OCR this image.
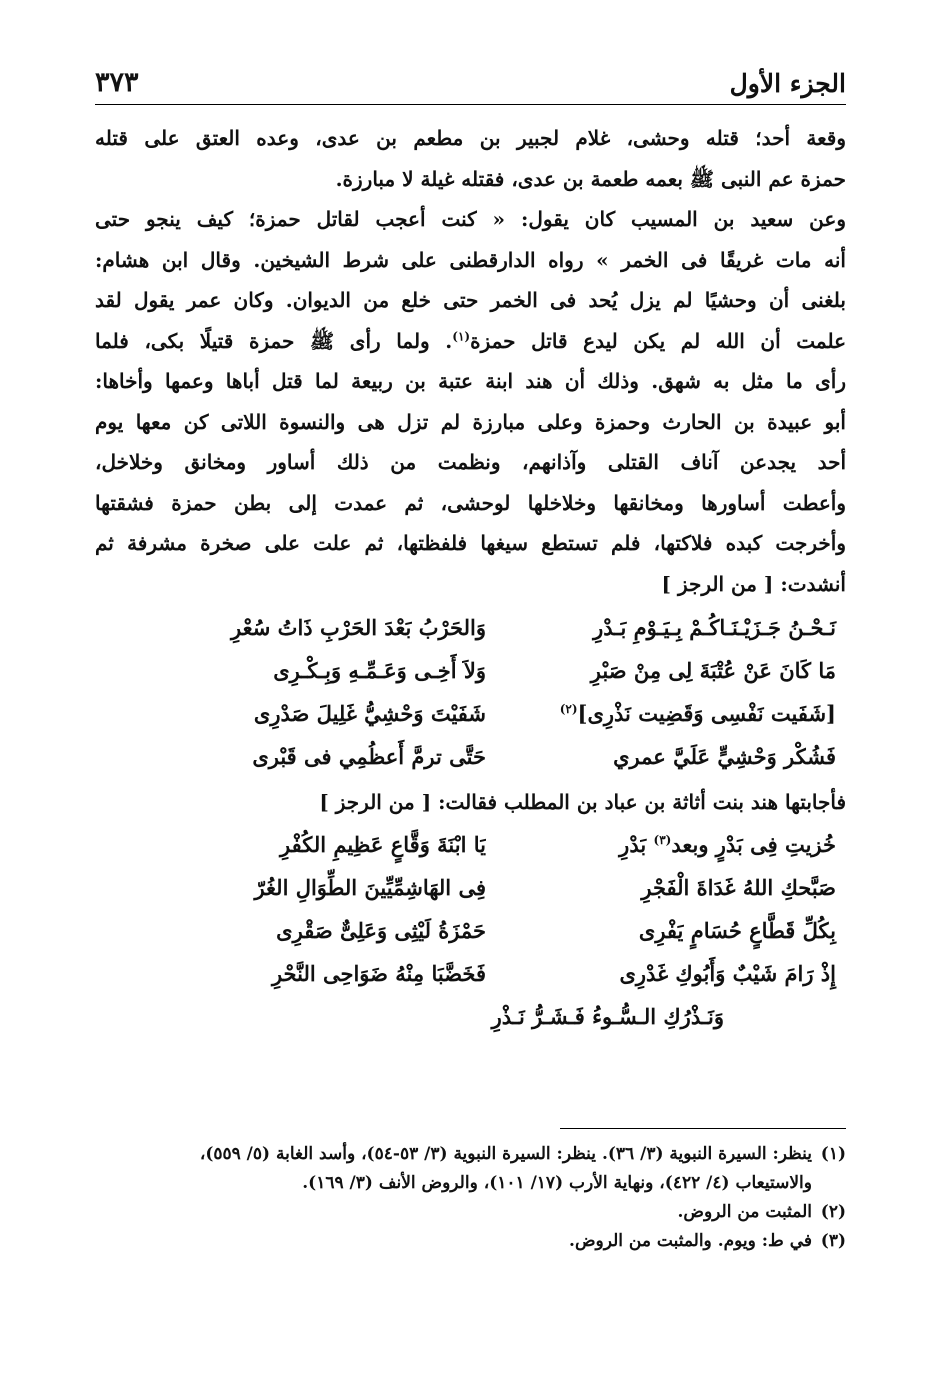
الجزء الأول
٣٧٣
وقعة أحد؛ قتله وحشى، غلام لجبير بن مطعم بن عدى، وعده العتق على قتله
حمزة عم النبى ﷺ بعمه طعمة بن عدى، فقتله غيلة لا مبارزة.
وعن سعيد بن المسيب كان يقول: « كنت أعجب لقاتل حمزة؛ كيف ينجو حتى
أنه مات غريقًا فى الخمر » رواه الدارقطنى على شرط الشيخين. وقال ابن هشام:
بلغنى أن وحشيًا لم يزل يُحد فى الخمر حتى خلع من الديوان. وكان عمر يقول لقد
علمت أن الله لم يكن ليدع قاتل حمزة$^{(١)}$. ولما رأى ﷺ حمزة قتيلًا بكى، فلما
رأى ما مثل به شهق. وذلك أن هند ابنة عتبة بن ربيعة لما قتل أباها وعمها وأخاها:
أبو عبيدة بن الحارث وحمزة وعلى مبارزة لم تزل هى والنسوة اللاتى كن معها يوم
أحد يجدعن آناف القتلى وآذانهم، ونظمت من ذلك أساور ومخانق وخلاخل،
وأعطت أساورها ومخانقها وخلاخلها لوحشى، ثم عمدت إلى بطن حمزة فشقتها
وأخرجت كبده فلاكتها، فلم تستطع سيغها فلفظتها، ثم علت على صخرة مشرفة ثم
أنشدت: [ من الرجز ]
نَـحْـنُ جَـزَيْـنَـاكُـمْ بِـيَـوْمِ بَـدْرِ
وَالحَرْبُ بَعْدَ الحَرْبِ ذَاتُ سُعْرِ
مَا كَانَ عَنْ عُتْبَةَ لِى مِنْ صَبْرِ
وَلاَ أَخِـى وَعَـمِّـهِ وَبِـكْـرِى
[شَفَيت نَفْسِى وَقَضِيت نَذْرِى]$^{(٢)}$
شَفَيْتَ وَحْشِيُّ غَلِيلَ صَدْرِى
فَشُكْر وَحْشِيٍّ عَلَيَّ عمري
حَتَّى ترمَّ أَعظُمِي فى قَبْرى
فأجابتها هند بنت أثاثة بن عباد بن المطلب فقالت: [ من الرجز ]
خُزيتِ فِى بَدْرٍ وبعد$^{(٣)}$ بَدْرِ
يَا ابْنَةَ وَقَّاعٍ عَظِيمِ الكُفْرِ
صَبَّحكِ اللهُ غَدَاةَ الْفَجْرِ
فِى الهَاشِمِّيِّينَ الطِّوَالِ الغُرّ
بِكُلِّ قَطَّاعٍ حُسَامٍ يَفْرِى
حَمْزَةُ لَيْثِى وَعَلِىٌّ صَقْرِى
إِذْ رَامَ شَيْبٌ وَأَبُوكِ غَدْرِى
فَخَضَّبَا مِنْهُ ضَوَاحِى النَّحْرِ
وَنَـذْرُكِ الـسُّـوءُ فَـشَـرُّ نَـذْرِ
(١)ينظر: السيرة النبوية (٣/ ٣٦). ينظر: السيرة النبوية (٣/ ٥٣-٥٤)، وأسد الغابة (٥/ ٥٥٩)،
والاستيعاب (٤/ ٤٢٢)، ونهاية الأرب (١٧/ ١٠١)، والروض الأنف (٣/ ١٦٩).
(٢)المثبت من الروض.
(٣)في ط: ويوم. والمثبت من الروض.
